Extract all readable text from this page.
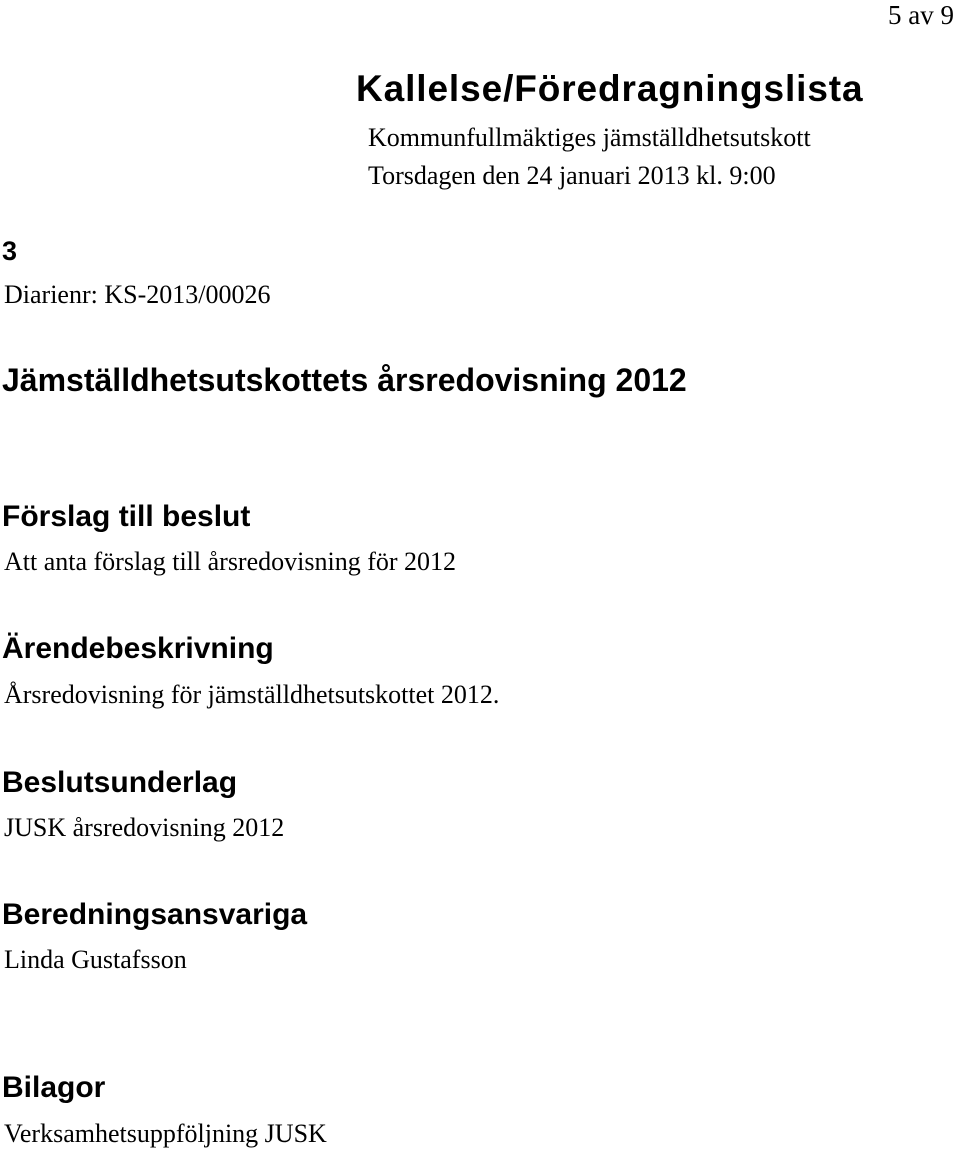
5 av 9
Kallelse/Föredragningslista
Kommunfullmäktiges jämställdhetsutskott
Torsdagen den 24 januari 2013 kl. 9:00
3
Diarienr: KS-2013/00026
Jämställdhetsutskottets årsredovisning 2012
Förslag till beslut
Att anta förslag till årsredovisning för 2012
Ärendebeskrivning
Årsredovisning för jämställdhetsutskottet 2012.
Beslutsunderlag
JUSK årsredovisning 2012
Beredningsansvariga
Linda Gustafsson
Bilagor
Verksamhetsuppföljning JUSK
